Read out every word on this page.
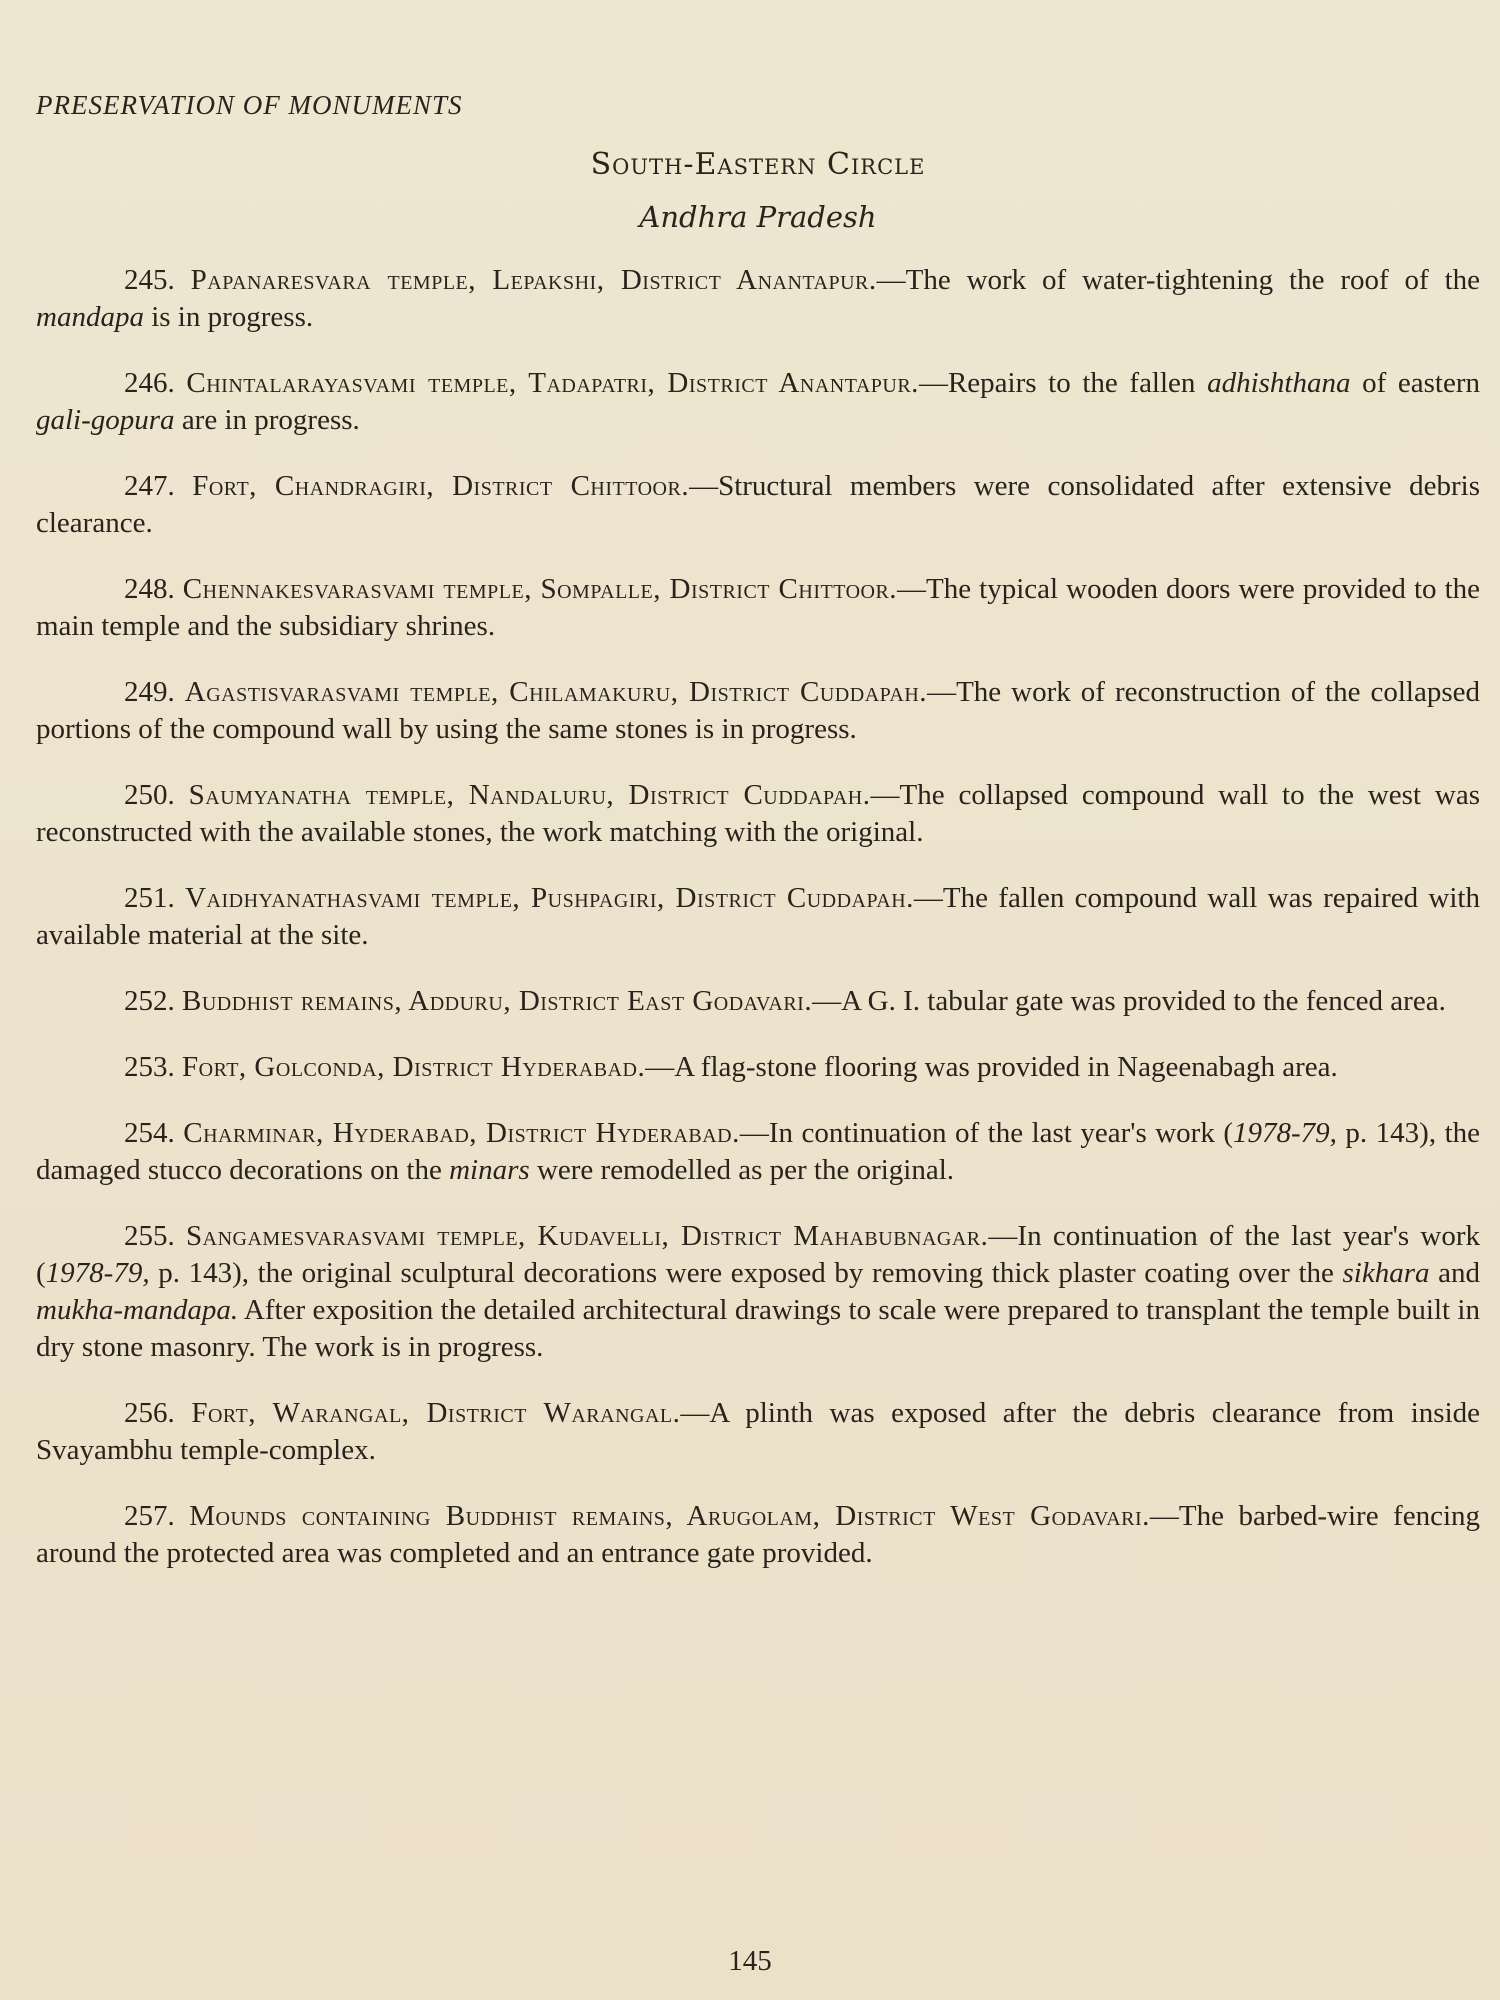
PRESERVATION OF MONUMENTS
South-Eastern Circle
Andhra Pradesh
245. Papanaresvara temple, Lepakshi, District Anantapur.—The work of water-tightening the roof of the mandapa is in progress.
246. Chintalarayasvami temple, Tadapatri, District Anantapur.—Repairs to the fallen adhishthana of eastern gali-gopura are in progress.
247. Fort, Chandragiri, District Chittoor.—Structural members were consolidated after extensive debris clearance.
248. Chennakesvarasvami temple, Sompalle, District Chittoor.—The typical wooden doors were provided to the main temple and the subsidiary shrines.
249. Agastisvarasvami temple, Chilamakuru, District Cuddapah.—The work of reconstruction of the collapsed portions of the compound wall by using the same stones is in progress.
250. Saumyanatha temple, Nandaluru, District Cuddapah.—The collapsed compound wall to the west was reconstructed with the available stones, the work matching with the original.
251. Vaidhyanathasvami temple, Pushpagiri, District Cuddapah.—The fallen compound wall was repaired with available material at the site.
252. Buddhist remains, Adduru, District East Godavari.—A G. I. tabular gate was provided to the fenced area.
253. Fort, Golconda, District Hyderabad.—A flag-stone flooring was provided in Nageenabagh area.
254. Charminar, Hyderabad, District Hyderabad.—In continuation of the last year's work (1978-79, p. 143), the damaged stucco decorations on the minars were remodelled as per the original.
255. Sangamesvarasvami temple, Kudavelli, District Mahabubnagar.—In continuation of the last year's work (1978-79, p. 143), the original sculptural decorations were exposed by removing thick plaster coating over the sikhara and mukha-mandapa. After exposition the detailed architectural drawings to scale were prepared to transplant the temple built in dry stone masonry. The work is in progress.
256. Fort, Warangal, District Warangal.—A plinth was exposed after the debris clearance from inside Svayambhu temple-complex.
257. Mounds containing Buddhist remains, Arugolam, District West Godavari.—The barbed-wire fencing around the protected area was completed and an entrance gate provided.
145
